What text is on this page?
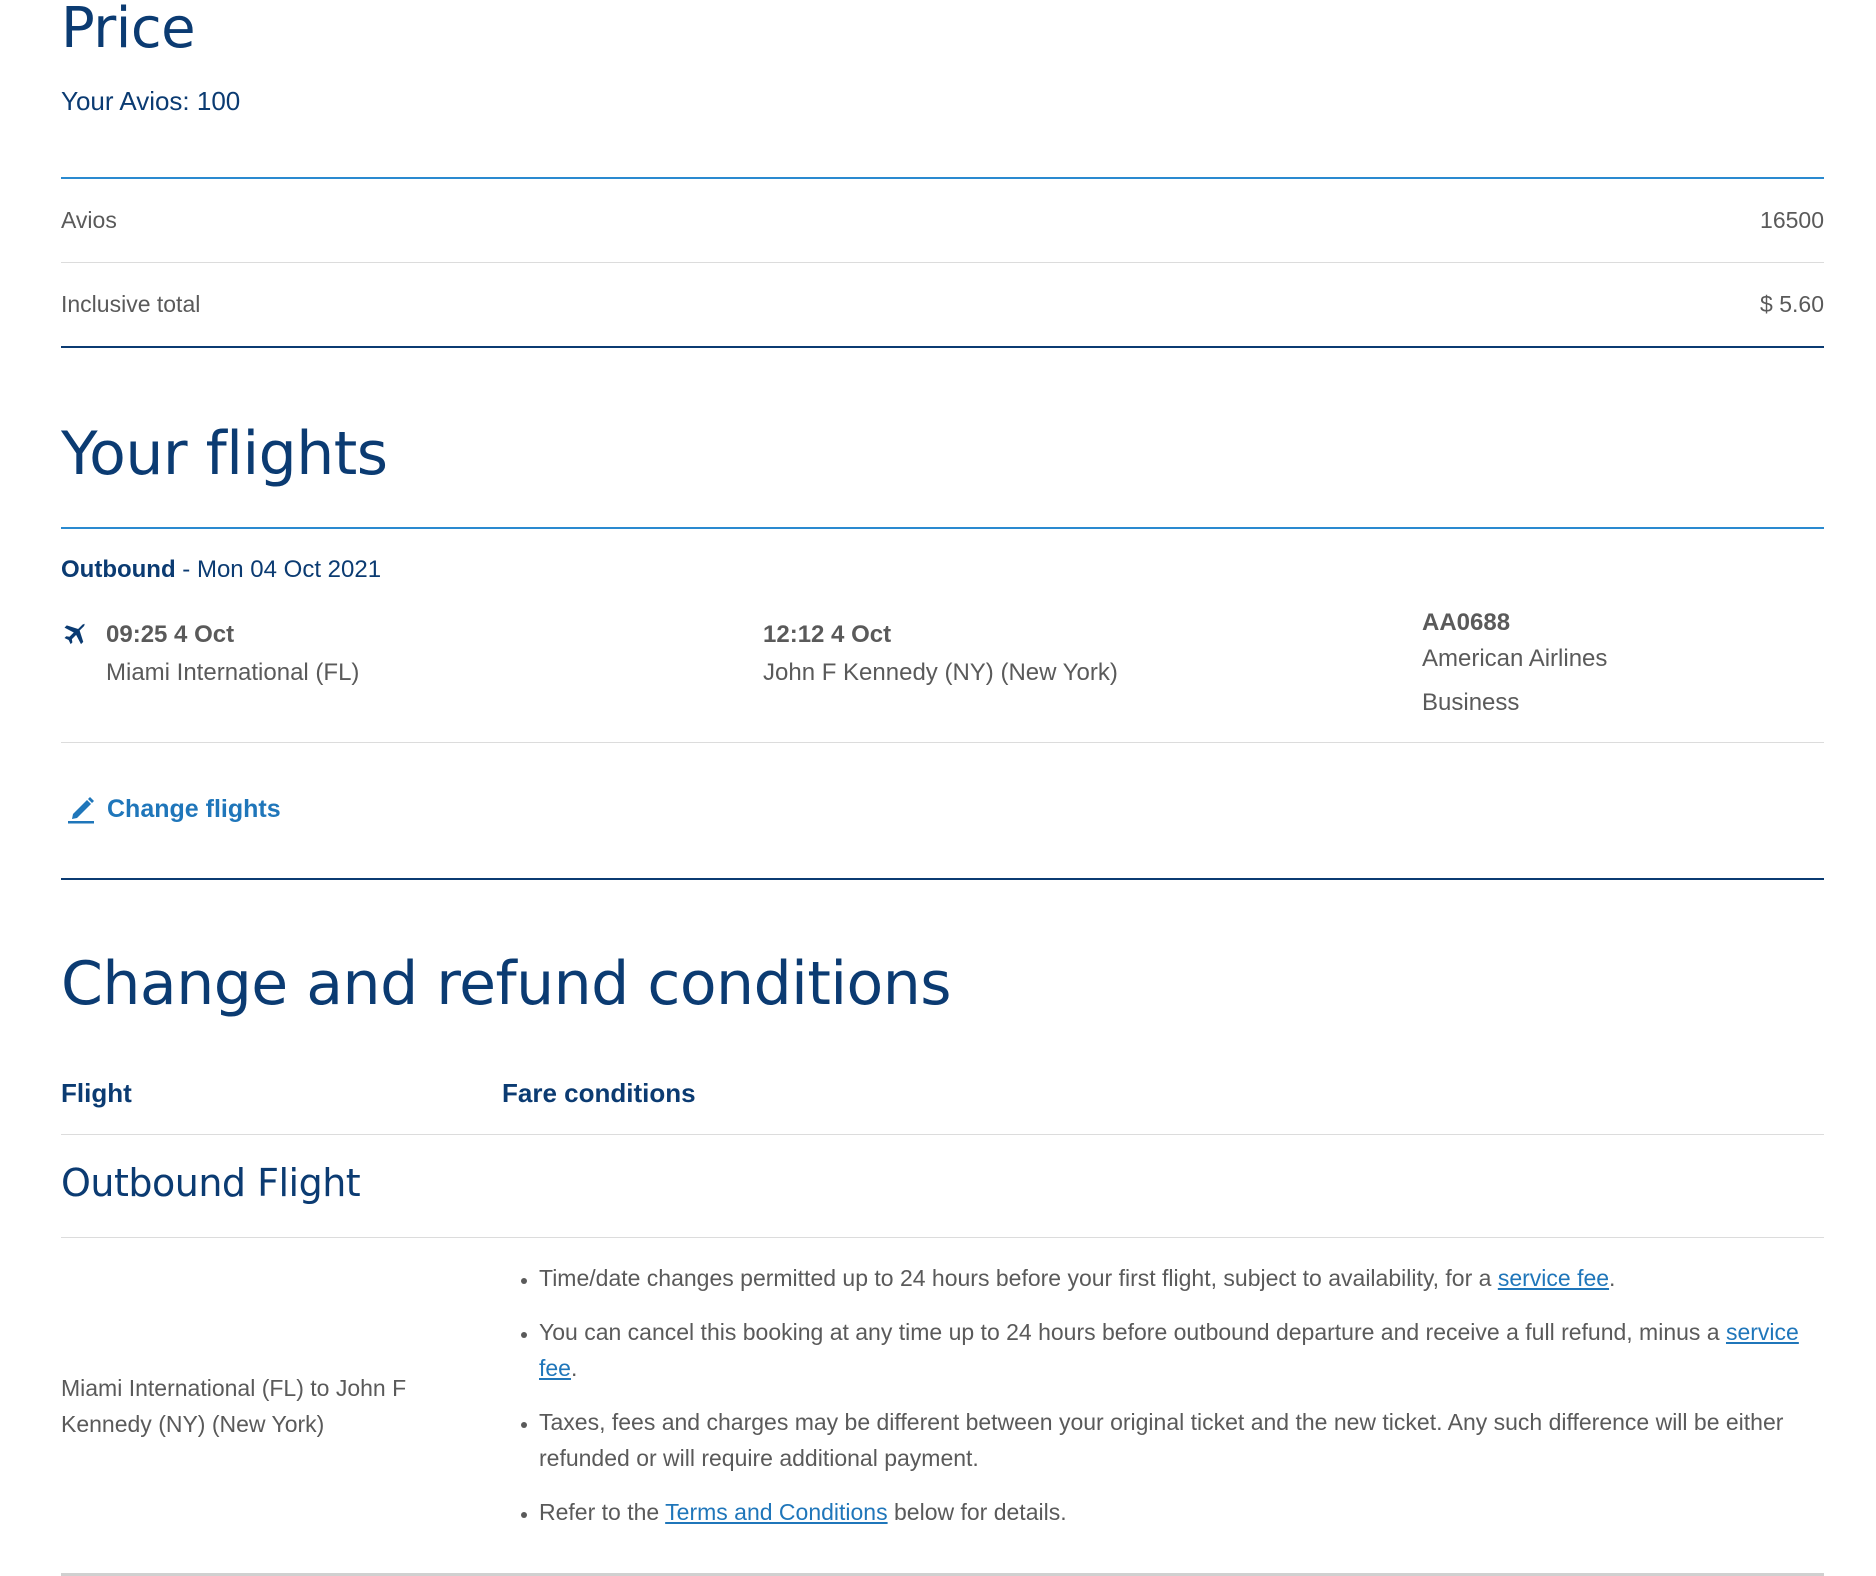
Price
Your Avios: 100
Avios	16500
Inclusive total	$ 5.60
Your flights
Outbound - Mon 04 Oct 2021
09:25 4 Oct
Miami International (FL)
12:12 4 Oct
John F Kennedy (NY) (New York)
AA0688
American Airlines
Business
Change flights
Change and refund conditions
Flight	Fare conditions
Outbound Flight
Miami International (FL) to John F Kennedy (NY) (New York)
• Time/date changes permitted up to 24 hours before your first flight, subject to availability, for a service fee.
• You can cancel this booking at any time up to 24 hours before outbound departure and receive a full refund, minus a service fee.
• Taxes, fees and charges may be different between your original ticket and the new ticket. Any such difference will be either refunded or will require additional payment.
• Refer to the Terms and Conditions below for details.
